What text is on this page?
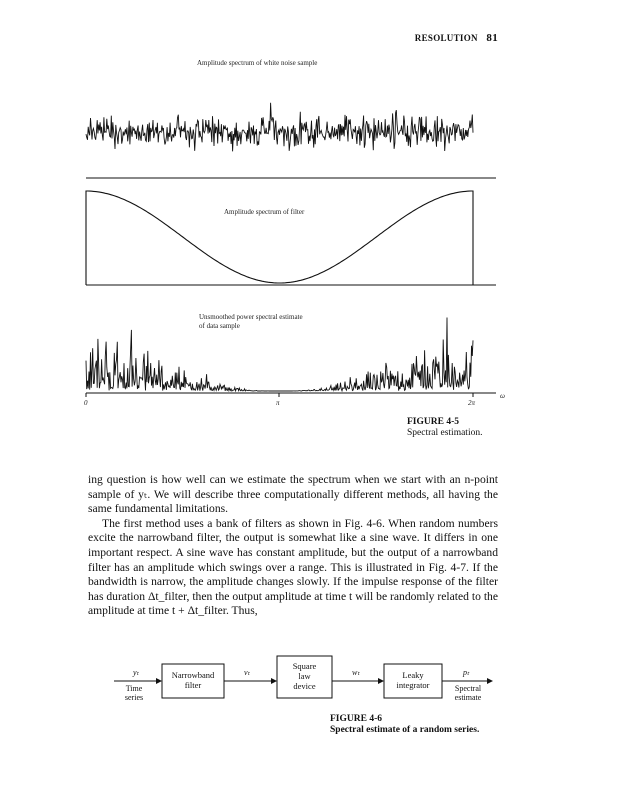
RESOLUTION 81
Amplitude spectrum of white noise sample
Amplitude spectrum of filter
Unsmoothed power spectral estimate
of data sample
0	π	2π
ω
FIGURE 4-5
Spectral estimation.

ing question is how well can we estimate the spectrum when we start with an n-point sample of yₜ. We will describe three computationally different methods, all having the same fundamental limitations.

The first method uses a bank of filters as shown in Fig. 4-6. When random numbers excite the narrowband filter, the output is somewhat like a sine wave. It differs in one important respect. A sine wave has constant amplitude, but the output of a narrowband filter has an amplitude which swings over a range. This is illustrated in Fig. 4-7. If the bandwidth is narrow, the amplitude changes slowly. If the impulse response of the filter has duration Δt_filter, then the output amplitude at time t will be randomly related to the amplitude at time t + Δt_filter. Thus,

yₜ
Time
series
Narrowband
filter
vₜ
Square
law
device
wₜ	Leaky
integrator
pₜ
Spectral
estimate
FIGURE 4-6
Spectral estimate of a random series.
